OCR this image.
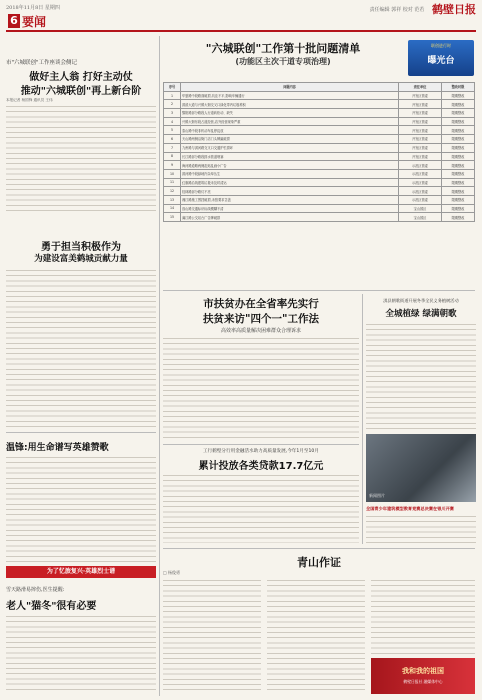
2018年11月8日 星期四	责任编辑 郭祥 校对 范若 鹤壁日报
6 要闻
市"六城联创"工作座谈会侧记
做好主人翁 打好主动仗
推动"六城联创"再上新台阶
本报记者 杨国锋 通讯员 王伟
勇于担当积极作为
为建设富美鹤城贡献力量
温锋:用生命谱写英雄赞歌
为了忆旅复兴·英雄烈士谱
雪天路滑易摔伤,医生提醒:
老人"猫冬"很有必要
"六城联创"工作第十批问题清单
(功能区主次干道专项治理)
联创进行时
曝光台
序号	问题内容	责任单位	整改时限
1	华夏路中段路面破损,坑洼不平,影响车辆通行	开发区管委	限期整改
2	淇滨大道与兴鹤大街交叉口绿化带内垃圾堆积	开发区管委	限期整改
3	黎阳路部分路段人行道砖松动、缺失	开发区管委	限期整改
4	兴鹤大街东段占道经营,店外经营现象严重	开发区管委	限期整改
5	泰山路中段非机动车乱停乱放	开发区管委	限期整改
6	天山路两侧沿街门店门头牌匾破损	开发区管委	限期整改
7	九州路与淇河路交叉口交通护栏损坏	开发区管委	限期整改
8	长江路部分路段排水管道堵塞	开发区管委	限期整改
9	海河路道路两侧乱贴乱画小广告	示范区管委	限期整改
10	淇河路中段绿地内杂草丛生	示范区管委	限期整改
11	红旗路沿线建筑垃圾未及时清运	示范区管委	限期整改
12	桂林路部分路灯不亮	示范区管委	限期整改
13	湘江路施工围挡破损,未按要求苫盖	示范区管委	限期整改
14	嵩山路交通标识标线模糊不清	宝山园区	限期整改
15	漓江路公交站台广告牌破损	宝山园区	限期整改
市扶贫办在全省率先实行
扶贫来访"四个一"工作法
高效率高质量解决困难群众合理诉求
工行鹤壁分行用金融活水助力高质量发展,今年1月至10月
累计投放各类贷款17.7亿元
淇县朝歌街道开展冬季全民义务植树活动
全城植绿 绿满朝歌
新闻图片
全国青少年建筑模型教育竞赛总决赛在银川开赛
青山作证
□ 杨俊勇
我和我的祖国
鹤壁日报社 融媒体中心
